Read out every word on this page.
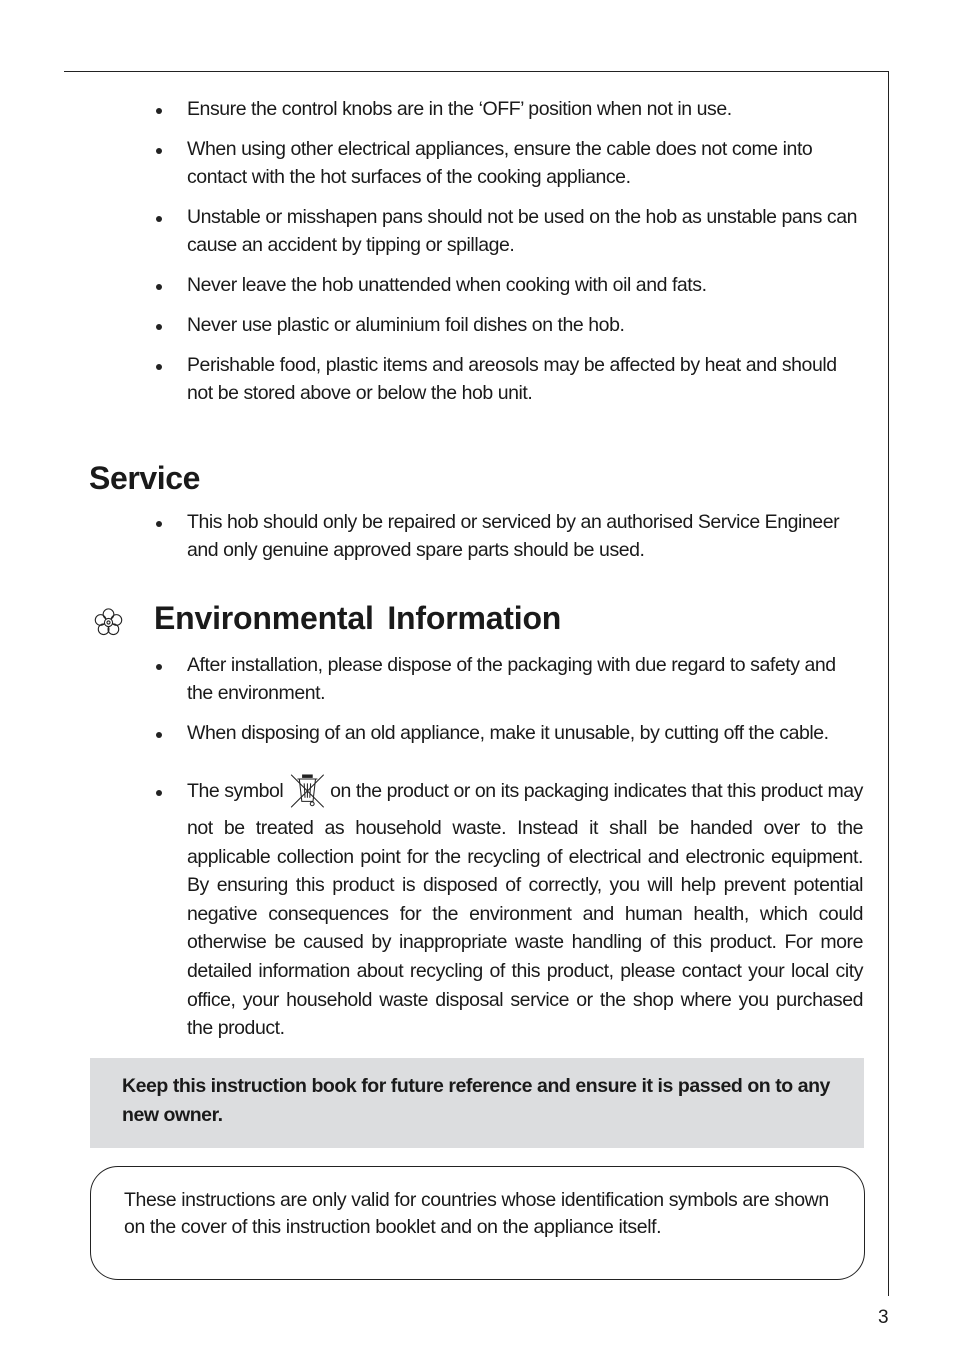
Ensure the control knobs are in the ‘OFF’ position when not in use.
When using other electrical appliances, ensure the cable does not come into contact with the hot surfaces of the cooking appliance.
Unstable or misshapen pans should not be used on the hob as unstable pans can cause an accident by tipping or spillage.
Never leave the hob unattended when cooking with oil and fats.
Never use plastic or aluminium foil dishes on the hob.
Perishable food, plastic items and areosols may be affected by heat and should not be stored above or below the hob unit.
Service
This hob should only be repaired or serviced by an authorised Service Engineer and only genuine approved spare parts should be used.
Environmental Information
After installation, please dispose of the packaging with due regard to safety and the environment.
When disposing of an old appliance, make it unusable, by cutting off the cable.
The symbol on the product or on its packaging indicates that this product may
not be treated as household waste. Instead it shall be handed over to the applicable collection point for the recycling of electrical and electronic equipment. By ensuring this product is disposed of correctly, you will help prevent potential negative consequences for the environment and human health, which could otherwise be caused by inappropriate waste handling of this product. For more detailed information about recycling of this product, please contact your local city office, your household waste disposal service or the shop where you purchased the product.

Keep this instruction book for future reference and ensure it is passed on to any new owner.

These instructions are only valid for countries whose identification symbols are shown on the cover of this instruction booklet and on the appliance itself.

3
